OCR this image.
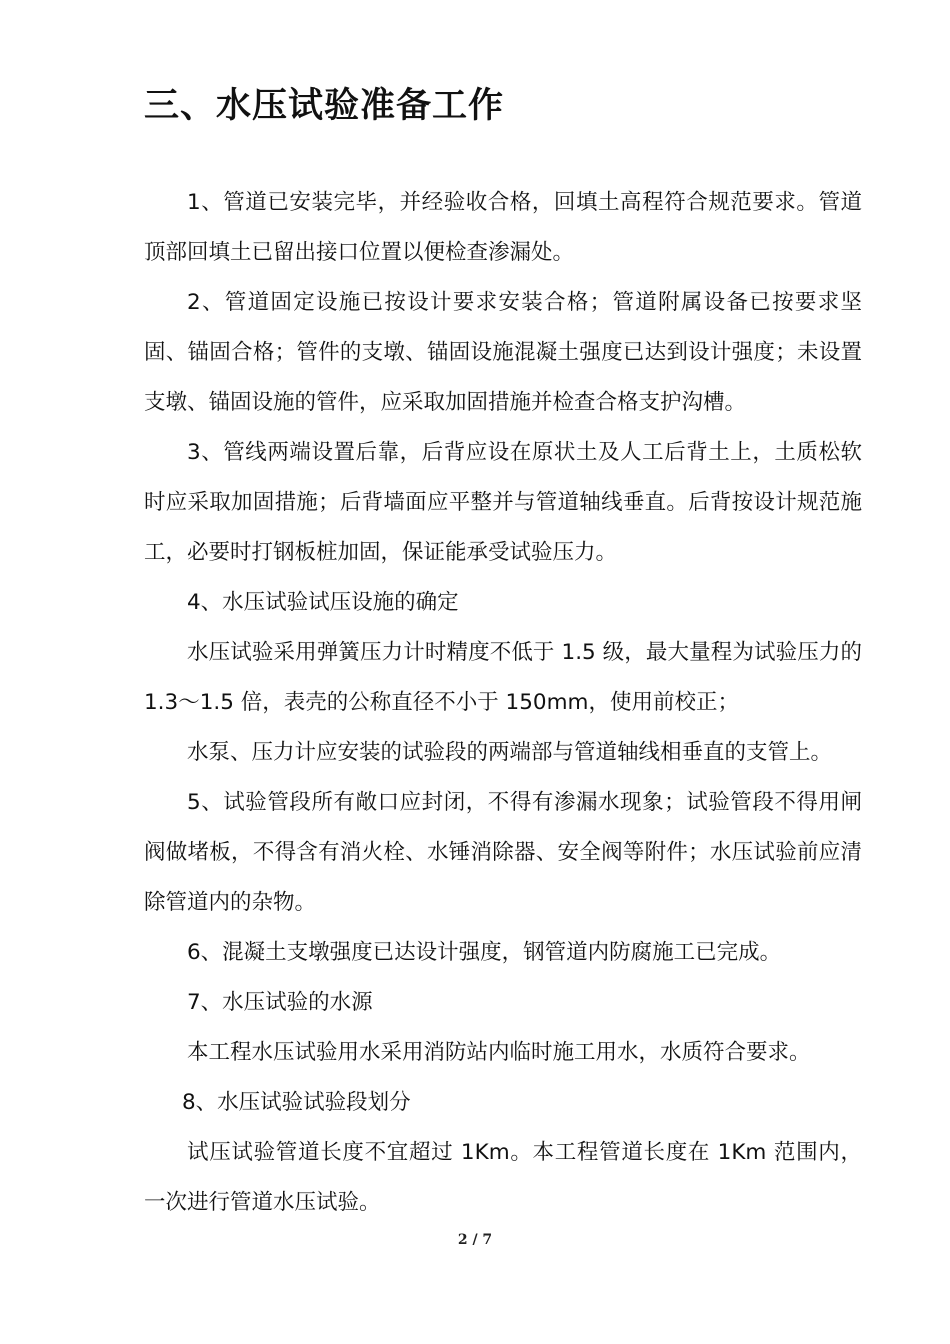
三、水压试验准备工作

1、管道已安装完毕，并经验收合格，回填土高程符合规范要求。管道顶部回填土已留出接口位置以便检查渗漏处。

2、管道固定设施已按设计要求安装合格；管道附属设备已按要求坚固、锚固合格；管件的支墩、锚固设施混凝土强度已达到设计强度；未设置支墩、锚固设施的管件，应采取加固措施并检查合格支护沟槽。

3、管线两端设置后靠，后背应设在原状土及人工后背土上，土质松软时应采取加固措施；后背墙面应平整并与管道轴线垂直。后背按设计规范施工，必要时打钢板桩加固，保证能承受试验压力。

4、水压试验试压设施的确定

水压试验采用弹簧压力计时精度不低于 1.5 级，最大量程为试验压力的 1.3～1.5 倍，表壳的公称直径不小于 150mm，使用前校正；

水泵、压力计应安装的试验段的两端部与管道轴线相垂直的支管上。

5、试验管段所有敞口应封闭，不得有渗漏水现象；试验管段不得用闸阀做堵板，不得含有消火栓、水锤消除器、安全阀等附件；水压试验前应清除管道内的杂物。

6、混凝土支墩强度已达设计强度，钢管道内防腐施工已完成。

7、水压试验的水源

本工程水压试验用水采用消防站内临时施工用水，水质符合要求。

8、水压试验试验段划分

试压试验管道长度不宜超过 1Km。本工程管道长度在 1Km 范围内，一次进行管道水压试验。

2 / 7
